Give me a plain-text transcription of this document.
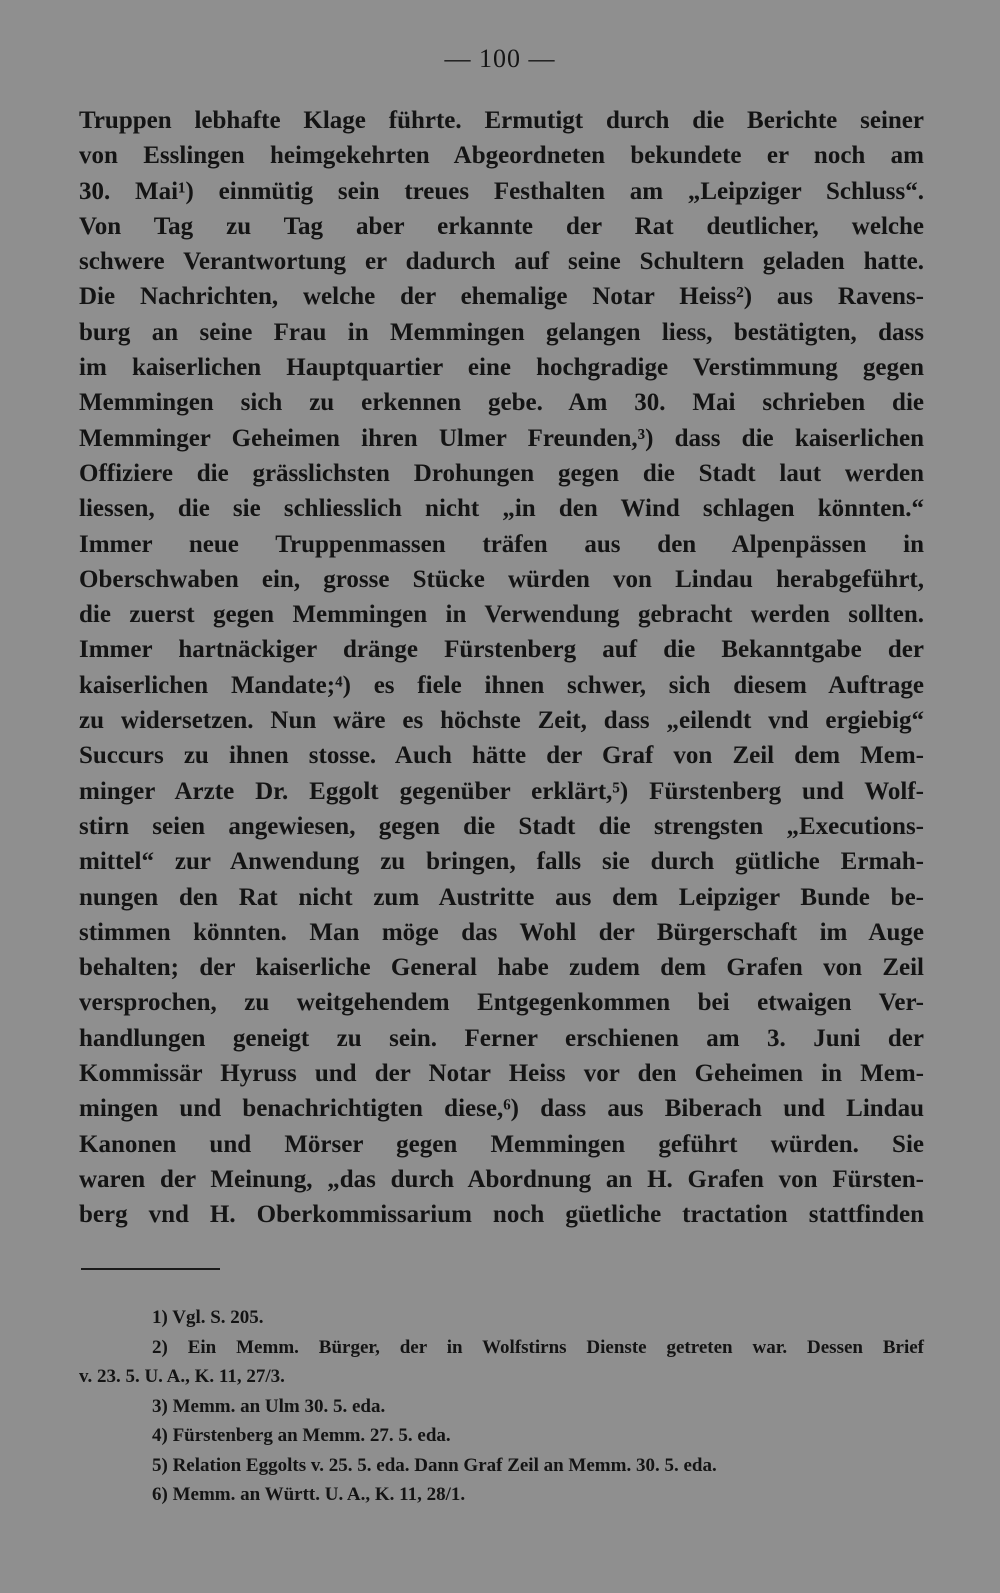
— 100 —
Truppen lebhafte Klage führte. Ermutigt durch die Berichte seiner
von Esslingen heimgekehrten Abgeordneten bekundete er noch am
30. Mai¹) einmütig sein treues Festhalten am „Leipziger Schluss“.
Von Tag zu Tag aber erkannte der Rat deutlicher, welche
schwere Verantwortung er dadurch auf seine Schultern geladen hatte.
Die Nachrichten, welche der ehemalige Notar Heiss²) aus Ravens-
burg an seine Frau in Memmingen gelangen liess, bestätigten, dass
im kaiserlichen Hauptquartier eine hochgradige Verstimmung gegen
Memmingen sich zu erkennen gebe. Am 30. Mai schrieben die
Memminger Geheimen ihren Ulmer Freunden,³) dass die kaiserlichen
Offiziere die grässlichsten Drohungen gegen die Stadt laut werden
liessen, die sie schliesslich nicht „in den Wind schlagen könnten.“
Immer neue Truppenmassen träfen aus den Alpenpässen in
Oberschwaben ein, grosse Stücke würden von Lindau herabgeführt,
die zuerst gegen Memmingen in Verwendung gebracht werden sollten.
Immer hartnäckiger dränge Fürstenberg auf die Bekanntgabe der
kaiserlichen Mandate;⁴) es fiele ihnen schwer, sich diesem Auftrage
zu widersetzen. Nun wäre es höchste Zeit, dass „eilendt vnd ergiebig“
Succurs zu ihnen stosse. Auch hätte der Graf von Zeil dem Mem-
minger Arzte Dr. Eggolt gegenüber erklärt,⁵) Fürstenberg und Wolf-
stirn seien angewiesen, gegen die Stadt die strengsten „Executions-
mittel“ zur Anwendung zu bringen, falls sie durch gütliche Ermah-
nungen den Rat nicht zum Austritte aus dem Leipziger Bunde be-
stimmen könnten. Man möge das Wohl der Bürgerschaft im Auge
behalten; der kaiserliche General habe zudem dem Grafen von Zeil
versprochen, zu weitgehendem Entgegenkommen bei etwaigen Ver-
handlungen geneigt zu sein. Ferner erschienen am 3. Juni der
Kommissär Hyruss und der Notar Heiss vor den Geheimen in Mem-
mingen und benachrichtigten diese,⁶) dass aus Biberach und Lindau
Kanonen und Mörser gegen Memmingen geführt würden. Sie
waren der Meinung, „das durch Abordnung an H. Grafen von Fürsten-
berg vnd H. Oberkommissarium noch güetliche tractation stattfinden
1) Vgl. S. 205.
2) Ein Memm. Bürger, der in Wolfstirns Dienste getreten war. Dessen Brief
v. 23. 5. U. A., K. 11, 27/3.
3) Memm. an Ulm 30. 5. eda.
4) Fürstenberg an Memm. 27. 5. eda.
5) Relation Eggolts v. 25. 5. eda. Dann Graf Zeil an Memm. 30. 5. eda.
6) Memm. an Württ. U. A., K. 11, 28/1.
